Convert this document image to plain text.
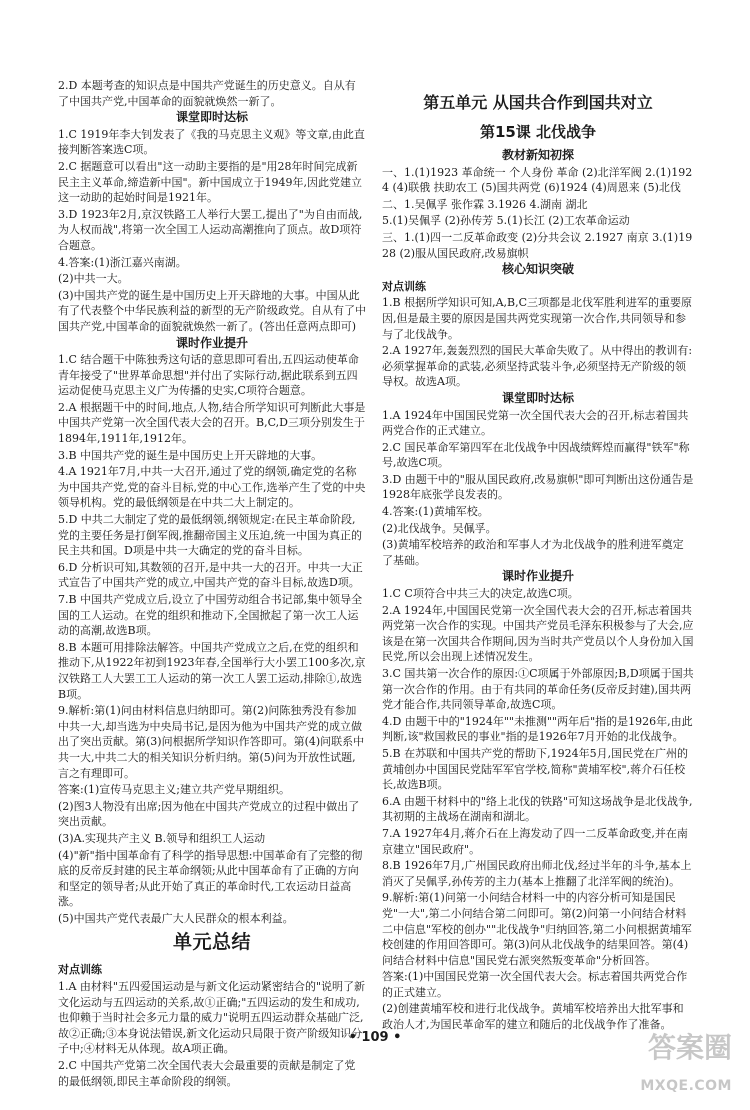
2.D 本题考查的知识点是中国共产党诞生的历史意义。自从有了中国共产党,中国革命的面貌就焕然一新了。

课堂即时达标

1.C 1919年李大钊发表了《我的马克思主义观》等文章,由此直接判断答案选C项。

2.C 据题意可以看出"这一动助主要指的是"用28年时间完成新民主主义革命,缔造新中国"。新中国成立于1949年,因此党建立这一动助的起始时间是1921年。

3.D 1923年2月,京汉铁路工人举行大罢工,提出了"为自由而战,为人权而战",将第一次全国工人运动高潮推向了顶点。故D项符合题意。

4.答案:(1)浙江嘉兴南湖。

(2)中共一大。

(3)中国共产党的诞生是中国历史上开天辟地的大事。中国从此有了代表整个中华民族利益的新型的无产阶级政党。自从有了中国共产党,中国革命的面貌就焕然一新了。(答出任意两点即可)

课时作业提升

1.C 结合题干中陈独秀这句话的意思即可看出,五四运动使革命青年接受了"世界革命思想"并付出了实际行动,据此联系到五四运动促使马克思主义广为传播的史实,C项符合题意。

2.A 根据题干中的时间,地点,人物,结合所学知识可判断此大事是中国共产党第一次全国代表大会的召开。B,C,D三项分别发生于1894年,1911年,1912年。

3.B 中国共产党的诞生是中国历史上开天辟地的大事。

4.A 1921年7月,中共一大召开,通过了党的纲领,确定党的名称为中国共产党,党的奋斗目标,党的中心工作,选举产生了党的中央领导机构。党的最低纲领是在中共二大上制定的。

5.D 中共二大制定了党的最低纲领,纲领规定:在民主革命阶段,党的主要任务是打倒军阀,推翻帝国主义压迫,统一中国为真正的民主共和国。D项是中共一大确定的党的奋斗目标。

6.D 分析识可知,其数领的召开,是中共一大的召开。中共一大正式宣告了中国共产党的成立,中国共产党的奋斗目标,故选D项。

7.B 中国共产党成立后,设立了中国劳动组合书记部,集中领导全国的工人运动。在党的组织和推动下,全国掀起了第一次工人运动的高潮,故选B项。

8.B 本题可用排除法解答。中国共产党成立之后,在党的组织和推动下,从1922年初到1923年春,全国举行大小罢工100多次,京汉铁路工人大罢工工人运动的第一次工人罢工运动,排除①,故选B项。

9.解析:第(1)问由材料信息归纳即可。第(2)问陈独秀没有参加中共一大,却当选为中央局书记,是因为他为中国共产党的成立做出了突出贡献。第(3)问根据所学知识作答即可。第(4)问联系中共一大,中共二大的相关知识分析归纳。第(5)问为开放性试题,言之有理即可。

答案:(1)宣传马克思主义;建立共产党早期组织。

(2)图3人物没有出席;因为他在中国共产党成立的过程中做出了突出贡献。

(3)A.实现共产主义 B.领导和组织工人运动

(4)"新"指中国革命有了科学的指导思想:中国革命有了完整的彻底的反帝反封建的民主革命纲领;从此中国革命有了正确的方向和坚定的领导者;从此开始了真正的革命时代,工农运动日益高涨。

(5)中国共产党代表最广大人民群众的根本利益。

单元总结
对点训练

1.A 由材料"五四爱国运动是与新文化运动紧密结合的"说明了新文化运动与五四运动的关系,故①正确;"五四运动的发生和成功,也仰赖于当时社会多元力量的威力"说明五四运动群众基础广泛,故②正确;③本身说法错误,新文化运动只局限于资产阶级知识分子中;④材料无从体现。故A项正确。

2.C 中国共产党第二次全国代表大会最重要的贡献是制定了党的最低纲领,即民主革命阶段的纲领。

第五单元 从国共合作到国共对立
第15课 北伐战争
教材新知初探

一、1.(1)1923 革命统一 个人身份 革命 (2)北洋军阀 2.(1)1924 (4)联俄 扶助农工 (5)国共两党 (6)1924 (4)周恩来 (5)北伐

二、1.吴佩孚 张作霖 3.1926 4.湖南 湖北

5.(1)吴佩孚 (2)孙传芳 5.(1)长江 (2)工农革命运动

三、1.(1)四一二反革命政变 (2)分共会议 2.1927 南京 3.(1)1928 (2)服从国民政府,改易旗帜

核心知识突破
对点训练

1.B 根据所学知识可知,A,B,C三项都是北伐军胜利进军的重要原因,但是最主要的原因是国共两党实现第一次合作,共同领导和参与了北伐战争。

2.A 1927年,轰轰烈烈的国民大革命失败了。从中得出的教训有:必须掌握革命的武装,必须坚持武装斗争,必须坚持无产阶级的领导权。故选A项。

课堂即时达标

1.A 1924年中国国民党第一次全国代表大会的召开,标志着国共两党合作的正式建立。

2.C 国民革命军第四军在北伐战争中因战绩辉煌而赢得"铁军"称号,故选C项。

3.D 由题干中的"服从国民政府,改易旗帜"即可判断出这份通告是1928年底张学良发表的。

4.答案:(1)黄埔军校。

(2)北伐战争。吴佩孚。

(3)黄埔军校培养的政治和军事人才为北伐战争的胜利进军奠定了基础。

课时作业提升

1.C C项符合中共三大的决定,故选C项。

2.A 1924年,中国国民党第一次全国代表大会的召开,标志着国共两党第一次合作的实现。中国共产党员毛泽东积极参与了大会,应该是在第一次国共合作期间,因为当时共产党员以个人身份加入国民党,所以会出现上述情况发生。

3.C 国共第一次合作的原因:①C项属于外部原因;B,D项属于国共第一次合作的作用。由于有共同的革命任务(反帝反封建),国共两党才能合作,共同领导革命,故选C项。

4.D 由题干中的"1924年""未推测""两年后"指的是1926年,由此判断,该"救国救民的事业"指的是1926年7月开始的北伐战争。

5.B 在苏联和中国共产党的帮助下,1924年5月,国民党在广州的黄埔创办中国国民党陆军军官学校,简称"黄埔军校",蒋介石任校长,故选B项。

6.A 由题干材料中的"络上北伐的铁路"可知这场战争是北伐战争,其初期的主战场在湖南和湖北。

7.A 1927年4月,蒋介石在上海发动了四一二反革命政变,并在南京建立"国民政府"。

8.B 1926年7月,广州国民政府出师北伐,经过半年的斗争,基本上消灭了吴佩孚,孙传芳的主力(基本上推翻了北洋军阀的统治)。

9.解析:第(1)问第一小问结合材料一中的内容分析可知是国民党"一大",第二小问结合第二问即可。第(2)问第一小问结合材料二中信息"军校的创办""北伐战争"归纳回答,第二小问根据黄埔军校创建的作用回答即可。第(3)问从北伐战争的结果回答。第(4)问结合材料中信息"国民党右派突然叛变革命"分析回答。

答案:(1)中国国民党第一次全国代表大会。标志着国共两党合作的正式建立。

(2)创建黄埔军校和进行北伐战争。黄埔军校培养出大批军事和政治人才,为国民革命军的建立和随后的北伐战争作了准备。

• 109 •	答案圈
MXQE.COM
